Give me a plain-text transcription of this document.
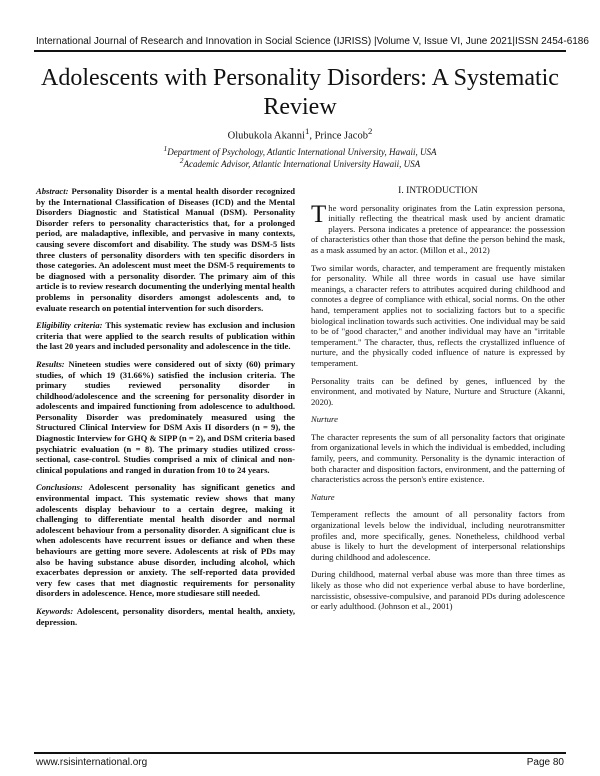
International Journal of Research and Innovation in Social Science (IJRISS) |Volume V, Issue VI, June 2021|ISSN 2454-6186
Adolescents with Personality Disorders: A Systematic Review
Olubukola Akanni$^1$, Prince Jacob$^2$
$^1$Department of Psychology, Atlantic International University, Hawaii, USA
$^2$Academic Advisor, Atlantic International University Hawaii, USA

Abstract: Personality Disorder is a mental health disorder recognized by the International Classification of Diseases (ICD) and the Mental Disorders Diagnostic and Statistical Manual (DSM). Personality Disorder refers to personality characteristics that, for a prolonged period, are maladaptive, inflexible, and pervasive in many contexts, causing severe discomfort and disability. The study was DSM-5 lists three clusters of personality disorders with ten specific disorders in those categories. An adolescent must meet the DSM-5 requirements to be diagnosed with a personality disorder. The primary aim of this article is to review research documenting the underlying mental health problems in personality disorders amongst adolescents and, to evaluate research on potential intervention for such disorders.

Eligibility criteria: This systematic review has exclusion and inclusion criteria that were applied to the search results of publication within the last 20 years and included personality and adolescence in the title.

Results: Nineteen studies were considered out of sixty (60) primary studies, of which 19 (31.66%) satisfied the inclusion criteria. The primary studies reviewed personality disorder in childhood/adolescence and the screening for personality disorder in adolescents and impaired functioning from adolescence to adulthood. Personality Disorder was predominately measured using the Structured Clinical Interview for DSM Axis II disorders (n = 9), the Diagnostic Interview for GHQ & SIPP (n = 2), and DSM criteria based psychiatric evaluation (n = 8). The primary studies utilized cross-sectional, case-control. Studies comprised a mix of clinical and non-clinical populations and ranged in duration from 10 to 24 years.

Conclusions: Adolescent personality has significant genetics and environmental impact. This systematic review shows that many adolescents display behaviour to a certain degree, making it challenging to differentiate mental health disorder and normal adolescent behaviour from a personality disorder. A significant clue is when adolescents have recurrent issues or defiance and when these behaviours are getting more severe. Adolescents at risk of PDs may also be having substance abuse disorder, including alcohol, which exacerbates depression or anxiety. The self-reported data provided very few cases that met diagnostic requirements for personality disorders in adolescence. Hence, more studiesare still needed.

Keywords: Adolescent, personality disorders, mental health, anxiety, depression.

I. INTRODUCTION

The word personality originates from the Latin expression persona, initially reflecting the theatrical mask used by ancient dramatic players. Persona indicates a pretence of appearance: the possession of characteristics other than those that define the person behind the mask, as a mask assumed by an actor. (Millon et al., 2012)

Two similar words, character, and temperament are frequently mistaken for personality. While all three words in casual use have similar meanings, a character refers to attributes acquired during childhood and connotes a degree of compliance with ethical, social norms. On the other hand, temperament applies not to socializing factors but to a specific biological inclination towards such activities. One individual may be said to be of "good character," and another individual may have an "irritable temperament." The character, thus, reflects the crystallized influence of nurture, and the physically coded influence of nature is expressed by temperament.

Personality traits can be defined by genes, influenced by the environment, and motivated by Nature, Nurture and Structure (Akanni, 2020).

Nurture

The character represents the sum of all personality factors that originate from organizational levels in which the individual is embedded, including family, peers, and community. Personality is the dynamic interaction of both character and disposition factors, environment, and the patterning of characteristics across the person's entire existence.

Nature

Temperament reflects the amount of all personality factors from organizational levels below the individual, including neurotransmitter profiles and, more specifically, genes. Nonetheless, childhood verbal abuse is likely to hurt the development of interpersonal relationships during childhood and adolescence.

During childhood, maternal verbal abuse was more than three times as likely as those who did not experience verbal abuse to have borderline, narcissistic, obsessive-compulsive, and paranoid PDs during adolescence or early adulthood. (Johnson et al., 2001)

www.rsisinternational.org	Page 80
